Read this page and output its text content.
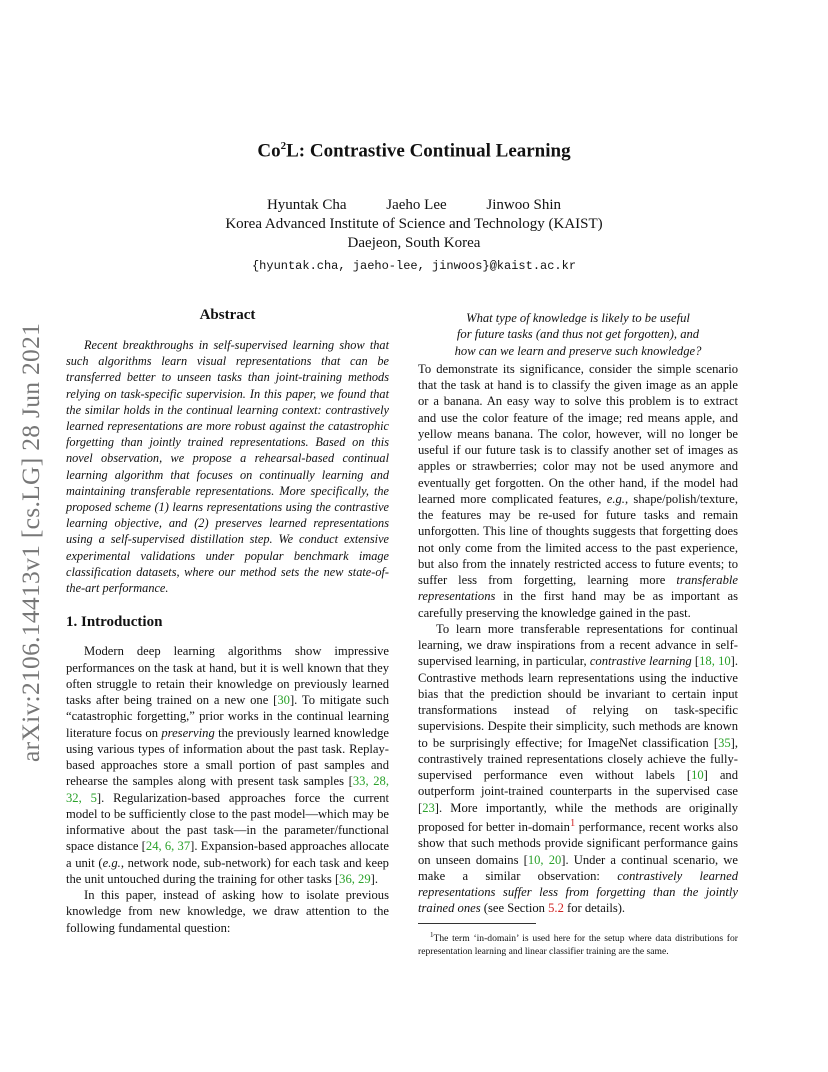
arXiv:2106.14413v1 [cs.LG] 28 Jun 2021
Co$^2$L: Contrastive Continual Learning
Hyuntak Cha	Jaeho Lee	Jinwoo Shin
Korea Advanced Institute of Science and Technology (KAIST)
Daejeon, South Korea
{hyuntak.cha, jaeho-lee, jinwoos}@kaist.ac.kr
Abstract

Recent breakthroughs in self-supervised learning show that such algorithms learn visual representations that can be transferred better to unseen tasks than joint-training methods relying on task-specific supervision. In this paper, we found that the similar holds in the continual learning context: contrastively learned representations are more robust against the catastrophic forgetting than jointly trained representations. Based on this novel observation, we propose a rehearsal-based continual learning algorithm that focuses on continually learning and maintaining transferable representations. More specifically, the proposed scheme (1) learns representations using the contrastive learning objective, and (2) preserves learned representations using a self-supervised distillation step. We conduct extensive experimental validations under popular benchmark image classification datasets, where our method sets the new state-of-the-art performance.

1. Introduction

Modern deep learning algorithms show impressive performances on the task at hand, but it is well known that they often struggle to retain their knowledge on previously learned tasks after being trained on a new one [30]. To mitigate such “catastrophic forgetting,” prior works in the continual learning literature focus on preserving the previously learned knowledge using various types of information about the past task. Replay-based approaches store a small portion of past samples and rehearse the samples along with present task samples [33, 28, 32, 5]. Regularization-based approaches force the current model to be sufficiently close to the past model—which may be informative about the past task—in the parameter/functional space distance [24, 6, 37]. Expansion-based approaches allocate a unit (e.g., network node, sub-network) for each task and keep the unit untouched during the training for other tasks [36, 29].

In this paper, instead of asking how to isolate previous knowledge from new knowledge, we draw attention to the following fundamental question:

What type of knowledge is likely to be useful
for future tasks (and thus not get forgotten), and
how can we learn and preserve such knowledge?

To demonstrate its significance, consider the simple scenario that the task at hand is to classify the given image as an apple or a banana. An easy way to solve this problem is to extract and use the color feature of the image; red means apple, and yellow means banana. The color, however, will no longer be useful if our future task is to classify another set of images as apples or strawberries; color may not be used anymore and eventually get forgotten. On the other hand, if the model had learned more complicated features, e.g., shape/polish/texture, the features may be re-used for future tasks and remain unforgotten. This line of thoughts suggests that forgetting does not only come from the limited access to the past experience, but also from the innately restricted access to future events; to suffer less from forgetting, learning more transferable representations in the first hand may be as important as carefully preserving the knowledge gained in the past.

To learn more transferable representations for continual learning, we draw inspirations from a recent advance in self-supervised learning, in particular, contrastive learning [18, 10]. Contrastive methods learn representations using the inductive bias that the prediction should be invariant to certain input transformations instead of relying on task-specific supervisions. Despite their simplicity, such methods are known to be surprisingly effective; for ImageNet classification [35], contrastively trained representations closely achieve the fully-supervised performance even without labels [10] and outperform joint-trained counterparts in the supervised case [23]. More importantly, while the methods are originally proposed for better in-domain$^1$ performance, recent works also show that such methods provide significant performance gains on unseen domains [10, 20]. Under a continual scenario, we make a similar observation: contrastively learned representations suffer less from forgetting than the jointly trained ones (see Section 5.2 for details).

$^1$The term ‘in-domain’ is used here for the setup where data distributions for representation learning and linear classifier training are the same.
